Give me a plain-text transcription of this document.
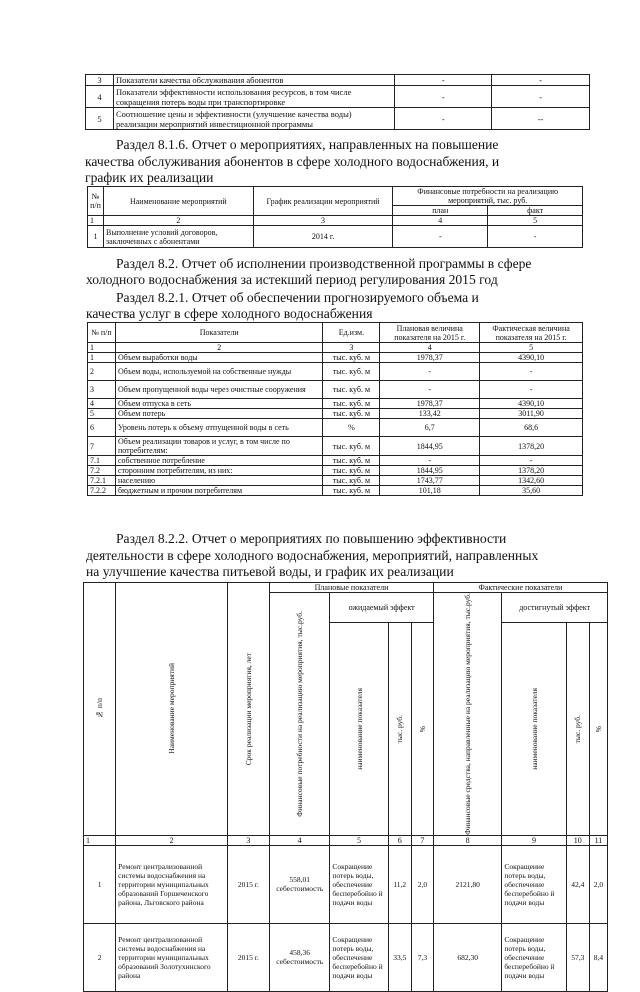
3	Показатели качества обслуживания абонентов	-	-
4	Показатели эффективности использования ресурсов, в том числе сокращения потерь воды при транспортировке	-	-
5	Соотношение цены и эффективности (улучшение качества воды) реализации мероприятий инвестиционной программы	-	--
Раздел 8.1.6. Отчет о мероприятиях, направленных на повышение
качества обслуживания абонентов в сфере холодного водоснабжения, и
график их реализации
№ п/п	Наименование мероприятий	График реализации мероприятий	Финансовые потребности на реализацию мероприятий, тыс. руб.	
			план	факт
1	2	3	4	5
1	Выполнение условий договоров, заключенных с абонентами	2014 г.	-	-
Раздел 8.2. Отчет об исполнении производственной программы в сфере
холодного водоснабжения за истекший период регулирования 2015 год
Раздел 8.2.1. Отчет об обеспечении прогнозируемого объема и
качества услуг в сфере холодного водоснабжения
№ п/п	Показатели	Ед.изм.	Плановая величина показателя на 2015 г.	Фактическая величина показателя на 2015 г.
1	2	3	4	5
1	Объем выработки воды	тыс. куб. м	1978,37	4390,10
2	Объем воды, используемой на собственные нужды	тыс. куб. м	-	-
3	Объем пропущенной воды через очистные сооружения	тыс. куб. м	-	-
4	Объем отпуска в сеть	тыс. куб. м	1978,37	4390,10
5	Объем потерь	тыс. куб. м	133,42	3011,90
6	Уровень потерь к объему отпущенной воды в сеть	%	6,7	68,6
7	Объем реализации товаров и услуг, в том числе по потребителям:	тыс. куб. м	1844,95	1378,20
7.1	собственное потребление	тыс. куб. м	-	-
7.2	сторонним потребителям, из них:	тыс. куб. м	1844,95	1378,20
7.2.1	населению	тыс. куб. м	1743,77	1342,60
7.2.2	бюджетным и прочим потребителям	тыс. куб. м	101,18	35,60
Раздел 8.2.2. Отчет о мероприятиях по повышению эффективности
деятельности в сфере холодного водоснабжения, мероприятий, направленных
на улучшение качества питьевой воды, и график их реализации
№ п/п	Наименование мероприятий	Срок реализации мероприятия, лет	Плановые показатели				Фактические показатели			

			Финансовые потребности на реализацию мероприятия, тыс.руб.	ожидаемый эффект			Финансовые средства, направленные на реализацию мероприятия, тыс.руб.	достигнутый эффект		

				наименование показателя	тыс. руб.	%		наименование показателя	тыс. руб.	%

1	2	3	4	5	6	7	8	9	10	11
1	Ремонт централизованной системы водоснабжения на территории муниципальных образований Горшеченского района, Льговского района	2015 г.	558,01 себестоимость	Сокращение потерь воды, обеспечение бесперебойно й подачи воды	11,2	2,0	2121,80	Сокращение потерь воды, обеспечение бесперебойно й подачи воды	42,4	2,0
2	Ремонт централизованной системы водоснабжения на территории муниципальных образований Золотухинского района	2015 г.	458,36 себестоимость	Сокращение потерь воды, обеспечение бесперебойно й подачи воды	33,5	7,3	682,30	Сокращение потерь воды, обеспечение бесперебойно й подачи воды	57,3	8,4
